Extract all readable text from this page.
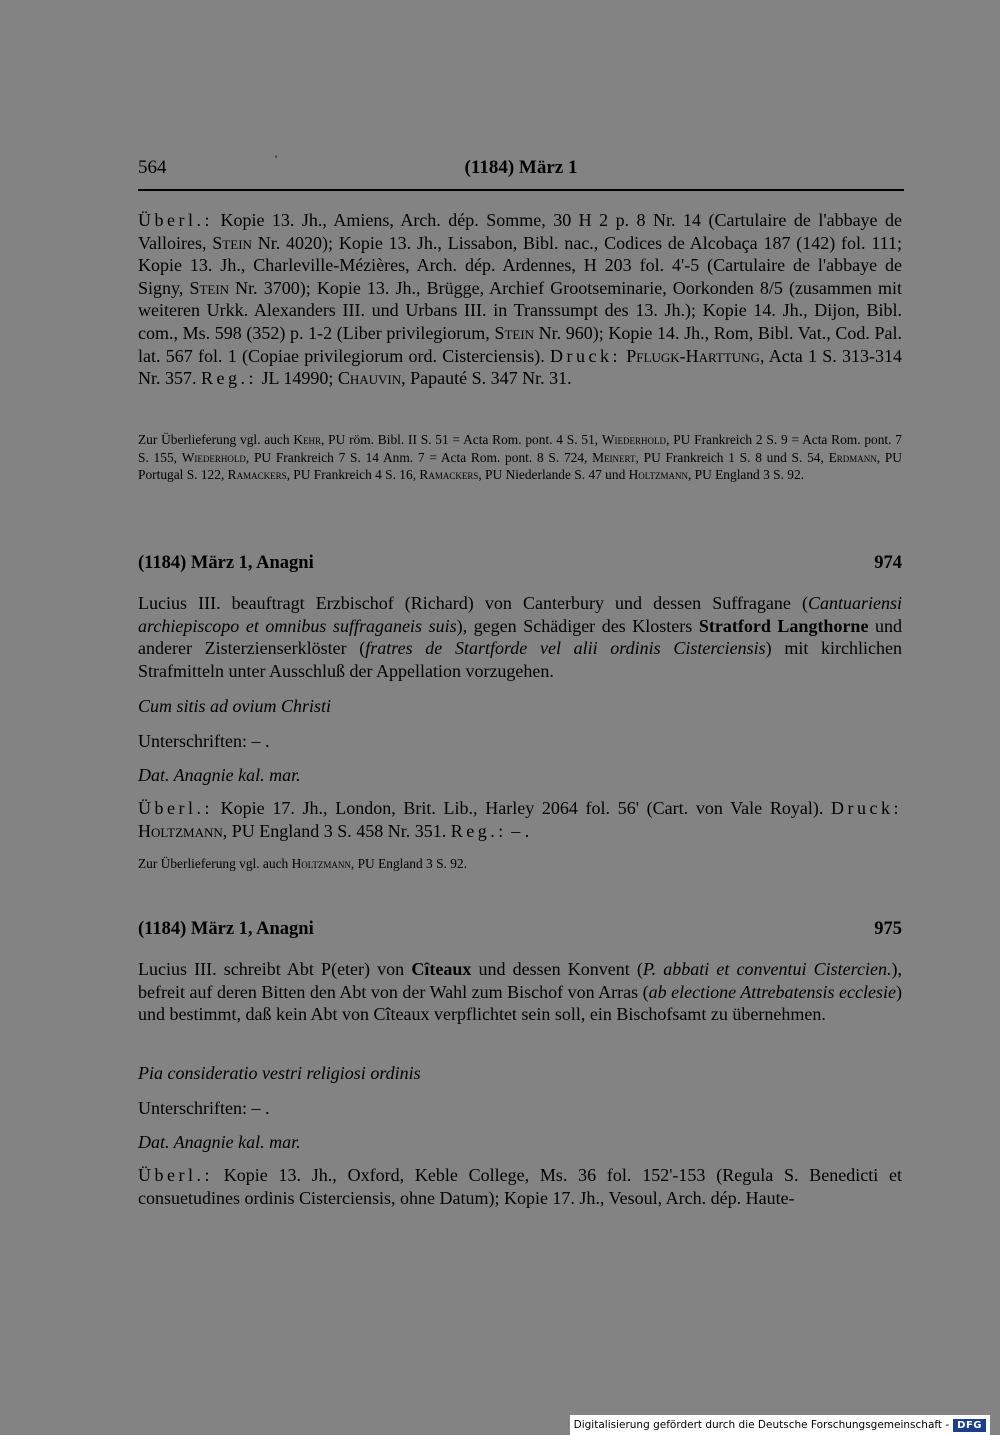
564	'	(1184) März 1

Überl.: Kopie 13. Jh., Amiens, Arch. dép. Somme, 30 H 2 p. 8 Nr. 14 (Cartulaire de l'abbaye de Valloires, Stein Nr. 4020); Kopie 13. Jh., Lissabon, Bibl. nac., Codices de Alcobaça 187 (142) fol. 111; Kopie 13. Jh., Charleville-Mézières, Arch. dép. Ardennes, H 203 fol. 4'-5 (Cartulaire de l'abbaye de Signy, Stein Nr. 3700); Kopie 13. Jh., Brügge, Archief Grootseminarie, Oorkonden 8/5 (zusammen mit weiteren Urkk. Alexanders III. und Urbans III. in Transsumpt des 13. Jh.); Kopie 14. Jh., Dijon, Bibl. com., Ms. 598 (352) p. 1-2 (Liber privilegiorum, Stein Nr. 960); Kopie 14. Jh., Rom, Bibl. Vat., Cod. Pal. lat. 567 fol. 1 (Copiae privilegiorum ord. Cisterciensis). Druck: Pflugk-Harttung, Acta 1 S. 313-314 Nr. 357. Reg.: JL 14990; Chauvin, Papauté S. 347 Nr. 31.

Zur Überlieferung vgl. auch Kehr, PU röm. Bibl. II S. 51 = Acta Rom. pont. 4 S. 51, Wiederhold, PU Frankreich 2 S. 9 = Acta Rom. pont. 7 S. 155, Wiederhold, PU Frankreich 7 S. 14 Anm. 7 = Acta Rom. pont. 8 S. 724, Meinert, PU Frankreich 1 S. 8 und S. 54, Erdmann, PU Portugal S. 122, Ramackers, PU Frankreich 4 S. 16, Ramackers, PU Niederlande S. 47 und Holtzmann, PU England 3 S. 92.

(1184) März 1, Anagni	974

Lucius III. beauftragt Erzbischof (Richard) von Canterbury und dessen Suffragane (Cantuariensi archiepiscopo et omnibus suffraganeis suis), gegen Schädiger des Klosters Stratford Langthorne und anderer Zisterzienserklöster (fratres de Startforde vel alii ordinis Cisterciensis) mit kirchlichen Strafmitteln unter Ausschluß der Appellation vorzugehen.

Cum sitis ad ovium Christi
Unterschriften: – .
Dat. Anagnie kal. mar.

Überl.: Kopie 17. Jh., London, Brit. Lib., Harley 2064 fol. 56' (Cart. von Vale Royal). Druck: Holtzmann, PU England 3 S. 458 Nr. 351. Reg.: – .

Zur Überlieferung vgl. auch Holtzmann, PU England 3 S. 92.

(1184) März 1, Anagni	975

Lucius III. schreibt Abt P(eter) von Cîteaux und dessen Konvent (P. abbati et conventui Cistercien.), befreit auf deren Bitten den Abt von der Wahl zum Bischof von Arras (ab electione Attrebatensis ecclesie) und bestimmt, daß kein Abt von Cîteaux verpflichtet sein soll, ein Bischofsamt zu übernehmen.

Pia consideratio vestri religiosi ordinis
Unterschriften: – .
Dat. Anagnie kal. mar.

Überl.: Kopie 13. Jh., Oxford, Keble College, Ms. 36 fol. 152'-153 (Regula S. Benedicti et consuetudines ordinis Cisterciensis, ohne Datum); Kopie 17. Jh., Vesoul, Arch. dép. Haute-

Digitalisierung gefördert durch die Deutsche Forschungsgemeinschaft - DFG
